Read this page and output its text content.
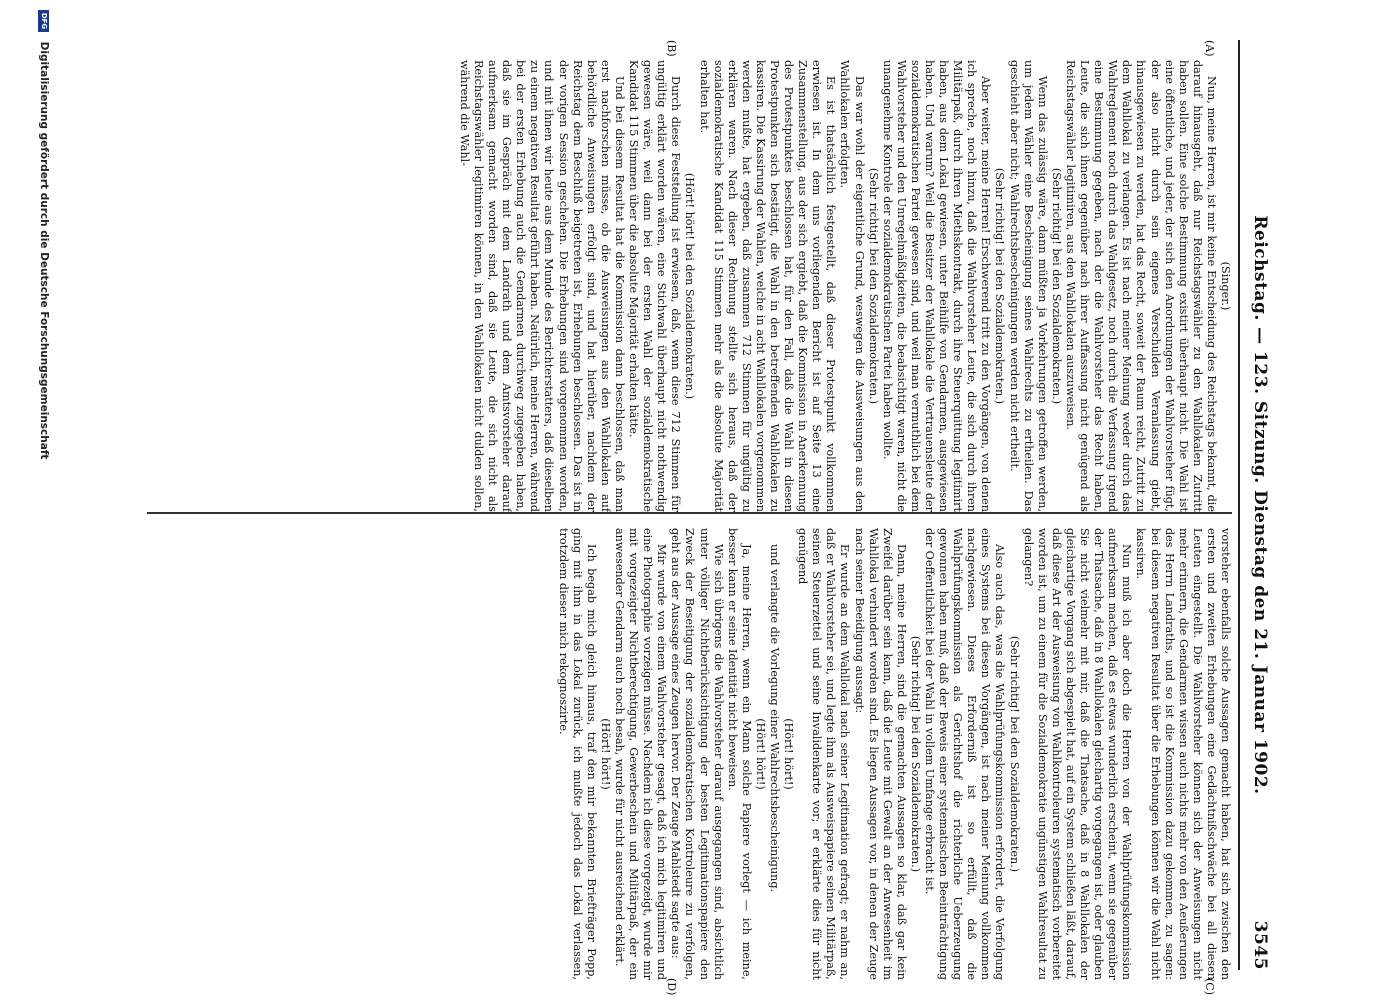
Reichstag. — 123. Sitzung. Dienstag den 21. Januar 1902.
3545
(A)
(B)
(C)
(D)

(Singer.)

Nun, meine Herren, ist mir keine Entscheidung des Reichstags bekannt, die darauf hinausgeht, daß nur Reichstagswähler zu den Wahllokalen Zutritt haben sollen. Eine solche Bestimmung existirt überhaupt nicht. Die Wahl ist eine öffentliche, und jeder, der sich den Anordnungen der Wahlvorsteher fügt, der also nicht durch sein eigenes Verschulden Veranlassung giebt, hinausgewiesen zu werden, hat das Recht, soweit der Raum reicht, Zutritt zu dem Wahllokal zu verlangen. Es ist nach meiner Meinung weder durch das Wahlreglement noch durch das Wahlgesetz, noch durch die Verfassung irgend eine Bestimmung gegeben, nach der die Wahlvorsteher das Recht haben, Leute, die sich ihnen gegenüber nach ihrer Auffassung nicht genügend als Reichstagswähler legitimiren, aus den Wahllokalen auszuweisen.

(Sehr richtig! bei den Sozialdemokraten.)

Wenn das zulässig wäre, dann müßten ja Vorkehrungen getroffen werden, um jedem Wähler eine Bescheinigung seines Wahlrechts zu ertheilen. Das geschieht aber nicht; Wahlrechtsbescheinigungen werden nicht ertheilt.

(Sehr richtig! bei den Sozialdemokraten.)

Aber weiter, meine Herren! Erschwerend tritt zu den Vorgängen, von denen ich spreche, noch hinzu, daß die Wahlvorsteher Leute, die sich durch ihren Militärpaß, durch ihren Miethskontrakt, durch ihre Steuerquittung legitimirt haben, aus dem Lokal gewiesen, unter Beihilfe von Gendarmen, ausgewiesen haben. Und warum? Weil die Besitzer der Wahllokale die Vertrauensleute der sozialdemokratischen Partei gewesen sind, und weil man vermuthlich bei dem Wahlvorsteher und den Unregelmäßigkeiten, die beabsichtigt waren, nicht die unangenehme Kontrole der sozialdemokratischen Partei haben wollte.

(Sehr richtig! bei den Sozialdemokraten.)

Das war wohl der eigentliche Grund, weswegen die Ausweisungen aus den Wahllokalen erfolgten.

Es ist thatsächlich festgestellt, daß dieser Protestpunkt vollkommen erwiesen ist. In dem uns vorliegenden Bericht ist auf Seite 13 eine Zusammenstellung, aus der sich ergiebt, daß die Kommission in Anerkennung des Protestpunktes beschlossen hat, für den Fall, daß die Wahl in diesen Protestpunkten sich bestätigt, die Wahl in den betreffenden Wahllokalen zu kassiren. Die Kassirung der Wahlen, welche in acht Wahllokalen vorgenommen werden mußte, hat ergeben, daß zusammen 712 Stimmen für ungültig zu erklären waren. Nach dieser Rechnung stellte sich heraus, daß der sozialdemokratische Kandidat 115 Stimmen mehr als die absolute Majorität erhalten hat.

(Hört! hört! bei den Sozialdemokraten.)

Durch diese Feststellung ist erwiesen, daß, wenn diese 712 Stimmen für ungültig erklärt worden wären, eine Stichwahl überhaupt nicht nothwendig gewesen wäre, weil dann bei der ersten Wahl der sozialdemokratische Kandidat 115 Stimmen über die absolute Majorität erhalten hätte.

Und bei diesem Resultat hat die Kommission dann beschlossen, daß man erst nachforschen müsse, ob die Ausweisungen aus den Wahllokalen auf behördliche Anweisungen erfolgt sind, und hat hierüber, nachdem der Reichstag dem Beschluß beigetreten ist, Erhebungen beschlossen. Das ist in der vorigen Session geschehen. Die Erhebungen sind vorgenommen worden, und mit ihnen wir heute aus dem Munde des Berichterstatters, daß dieselben zu einem negativen Resultat geführt haben. Natürlich, meine Herren, während bei der ersten Erhebung auch die Gendarmen durchweg zugegeben haben, daß sie im Gespräch mit dem Landrath und dem Amtsvorsteher darauf aufmerksam gemacht worden sind, daß sie Leute, die sich nicht als Reichstagswähler legitimiren können, in den Wahllokalen nicht dulden sollen, während die Wahl-

vorsteher ebenfalls solche Aussagen gemacht haben, hat sich zwischen den ersten und zweiten Erhebungen eine Gedächtnißschwäche bei all diesen Leuten eingestellt. Die Wahlvorsteher können sich der Anweisungen nicht mehr erinnern, die Gendarmen wissen auch nichts mehr von den Aeußerungen des Herrn Landraths, und so ist die Kommission dazu gekommen, zu sagen: bei diesem negativen Resultat über die Erhebungen können wir die Wahl nicht kassiren.

Nun muß ich aber doch die Herren von der Wahlprüfungskommission aufmerksam machen, daß es etwas wunderlich erscheint, wenn sie gegenüber der Thatsache, daß in 8 Wahllokalen gleichartig vorgegangen ist, oder glauben Sie nicht vielmehr mit mir, daß die Thatsache, daß in 8 Wahllokalen der gleichartige Vorgang sich abgespielt hat, auf ein System schließen läßt, darauf, daß diese Art der Ausweisung von Wahlkontroleuren systematisch vorbereitet worden ist, um zu einem für die Sozialdemokratie ungünstigen Wahlresultat zu gelangen?

(Sehr richtig! bei den Sozialdemokraten.)

Also auch das, was die Wahlprüfungskommission erfordert, die Verfolgung eines Systems bei diesen Vorgängen, ist nach meiner Meinung vollkommen nachgewiesen. Dieses Erforderniß ist so erfüllt, daß die Wahlprüfungskommission als Gerichtshof die richterliche Ueberzeugung gewonnen haben muß, daß der Beweis einer systematischen Beeinträchtigung der Oeffentlichkeit bei der Wahl in vollem Umfange erbracht ist.

(Sehr richtig! bei den Sozialdemokraten.)

Dann, meine Herren, sind die gemachten Aussagen so klar, daß gar kein Zweifel darüber sein kann, daß die Leute mit Gewalt an der Anwesenheit im Wahllokal verhindert worden sind. Es liegen Aussagen vor, in denen der Zeuge nach seiner Beeidigung aussagt:

Er wurde an dem Wahllokal nach seiner Legitimation gefragt; er nahm an, daß er Wahlvorsteher sei, und legte ihm als Ausweispapiere seinen Militärpaß, seinen Steuerzettel und seine Invalidenkarte vor; er erklärte dies für nicht genügend

(Hört! hört!)

und verlangte die Vorlegung einer Wahlrechtsbescheinigung.

(Hört! hört!)

Ja, meine Herren, wenn ein Mann solche Papiere vorlegt — ich meine, besser kann er seine Identität nicht beweisen.

Wie sich übrigens die Wahlvorsteher darauf ausgegangen sind, absichtlich unter völliger Nichtberücksichtigung der besten Legitimationspapiere den Zweck der Beseitigung der sozialdemokratischen Kontroleure zu verfolgen, geht aus der Aussage eines Zeugen hervor. Der Zeuge Mahlstedt sagte aus:

Mir wurde von einem Wahlvorsteher gesagt, daß ich mich legitimiren und eine Photographie vorzeigen müsse. Nachdem ich diese vorgezeigt, wurde mir mit vorgezeigter Nichtberechtigung, Gewerbeschein und Militärpaß, der ein anwesender Gendarm auch noch besah, wurde für nicht ausreichend erklärt.

(Hört! hört!)

Ich begab mich gleich hinaus, traf den mir bekannten Briefträger Popp, ging mit ihm in das Lokal zurück, ich mußte jedoch das Lokal verlassen, trotzdem dieser mich rekognoszirte.

DFG Digitalisierung gefördert durch die Deutsche Forschungsgemeinschaft
